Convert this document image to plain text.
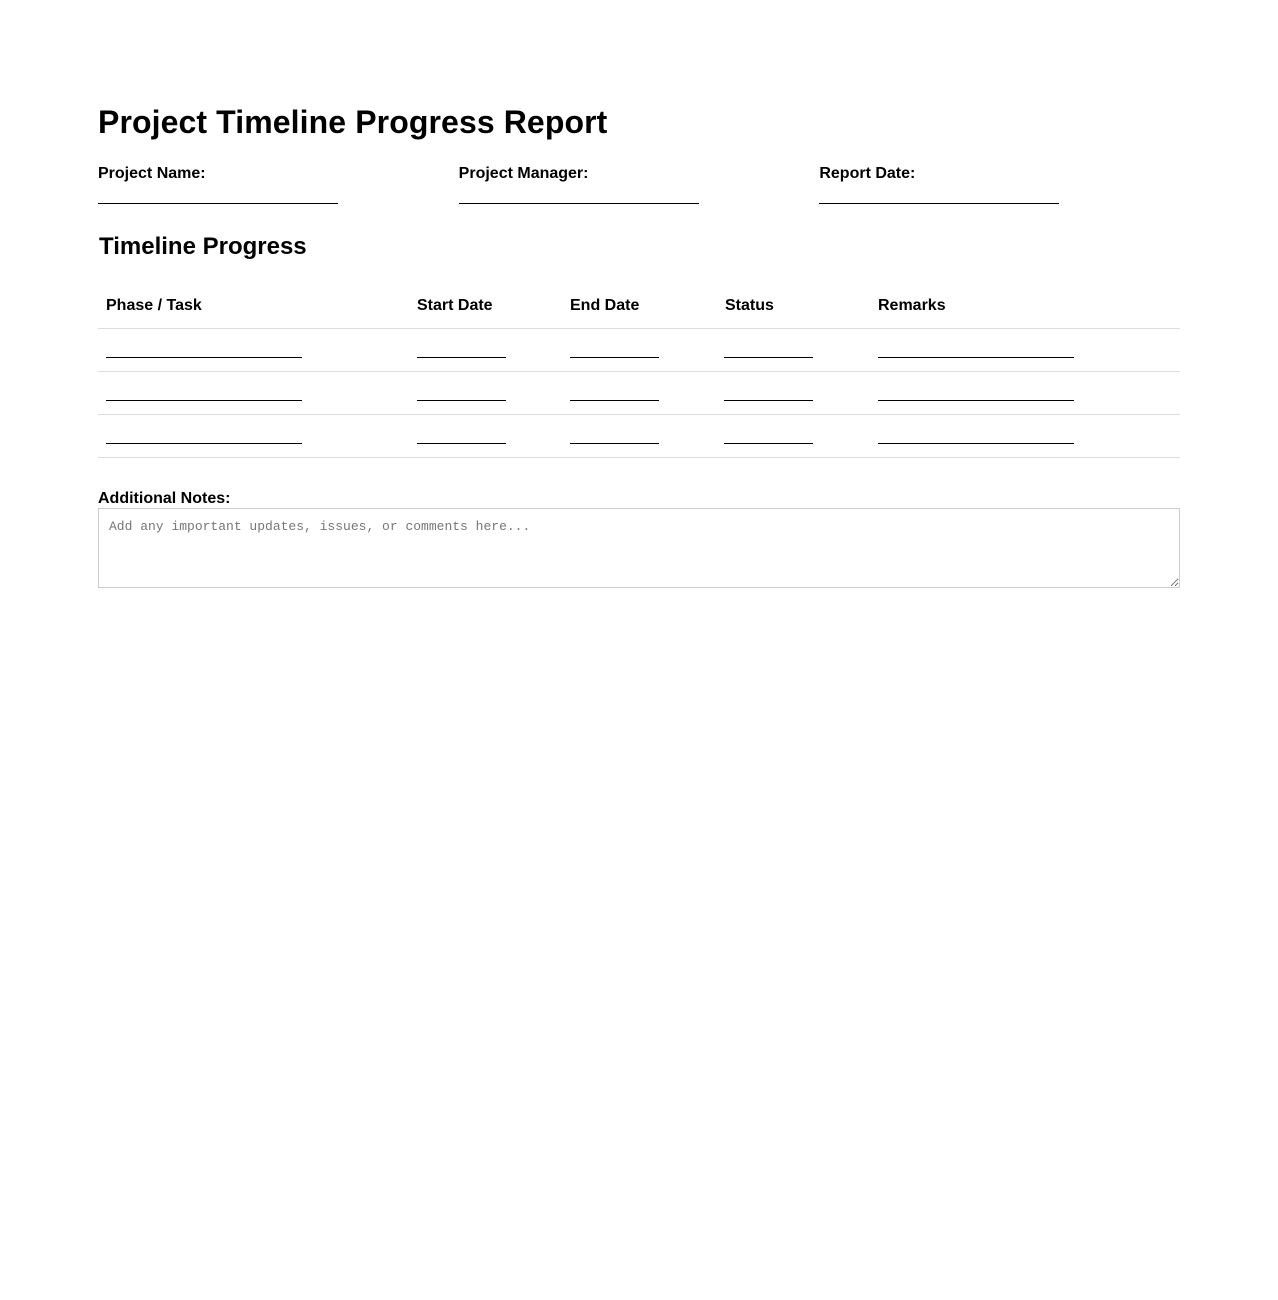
Project Timeline Progress Report
Project Name:	Project Manager:	Report Date:
Timeline Progress
Phase / Task	Start Date	End Date	Status	Remarks

Additional Notes:
Add any important updates, issues, or comments here...
